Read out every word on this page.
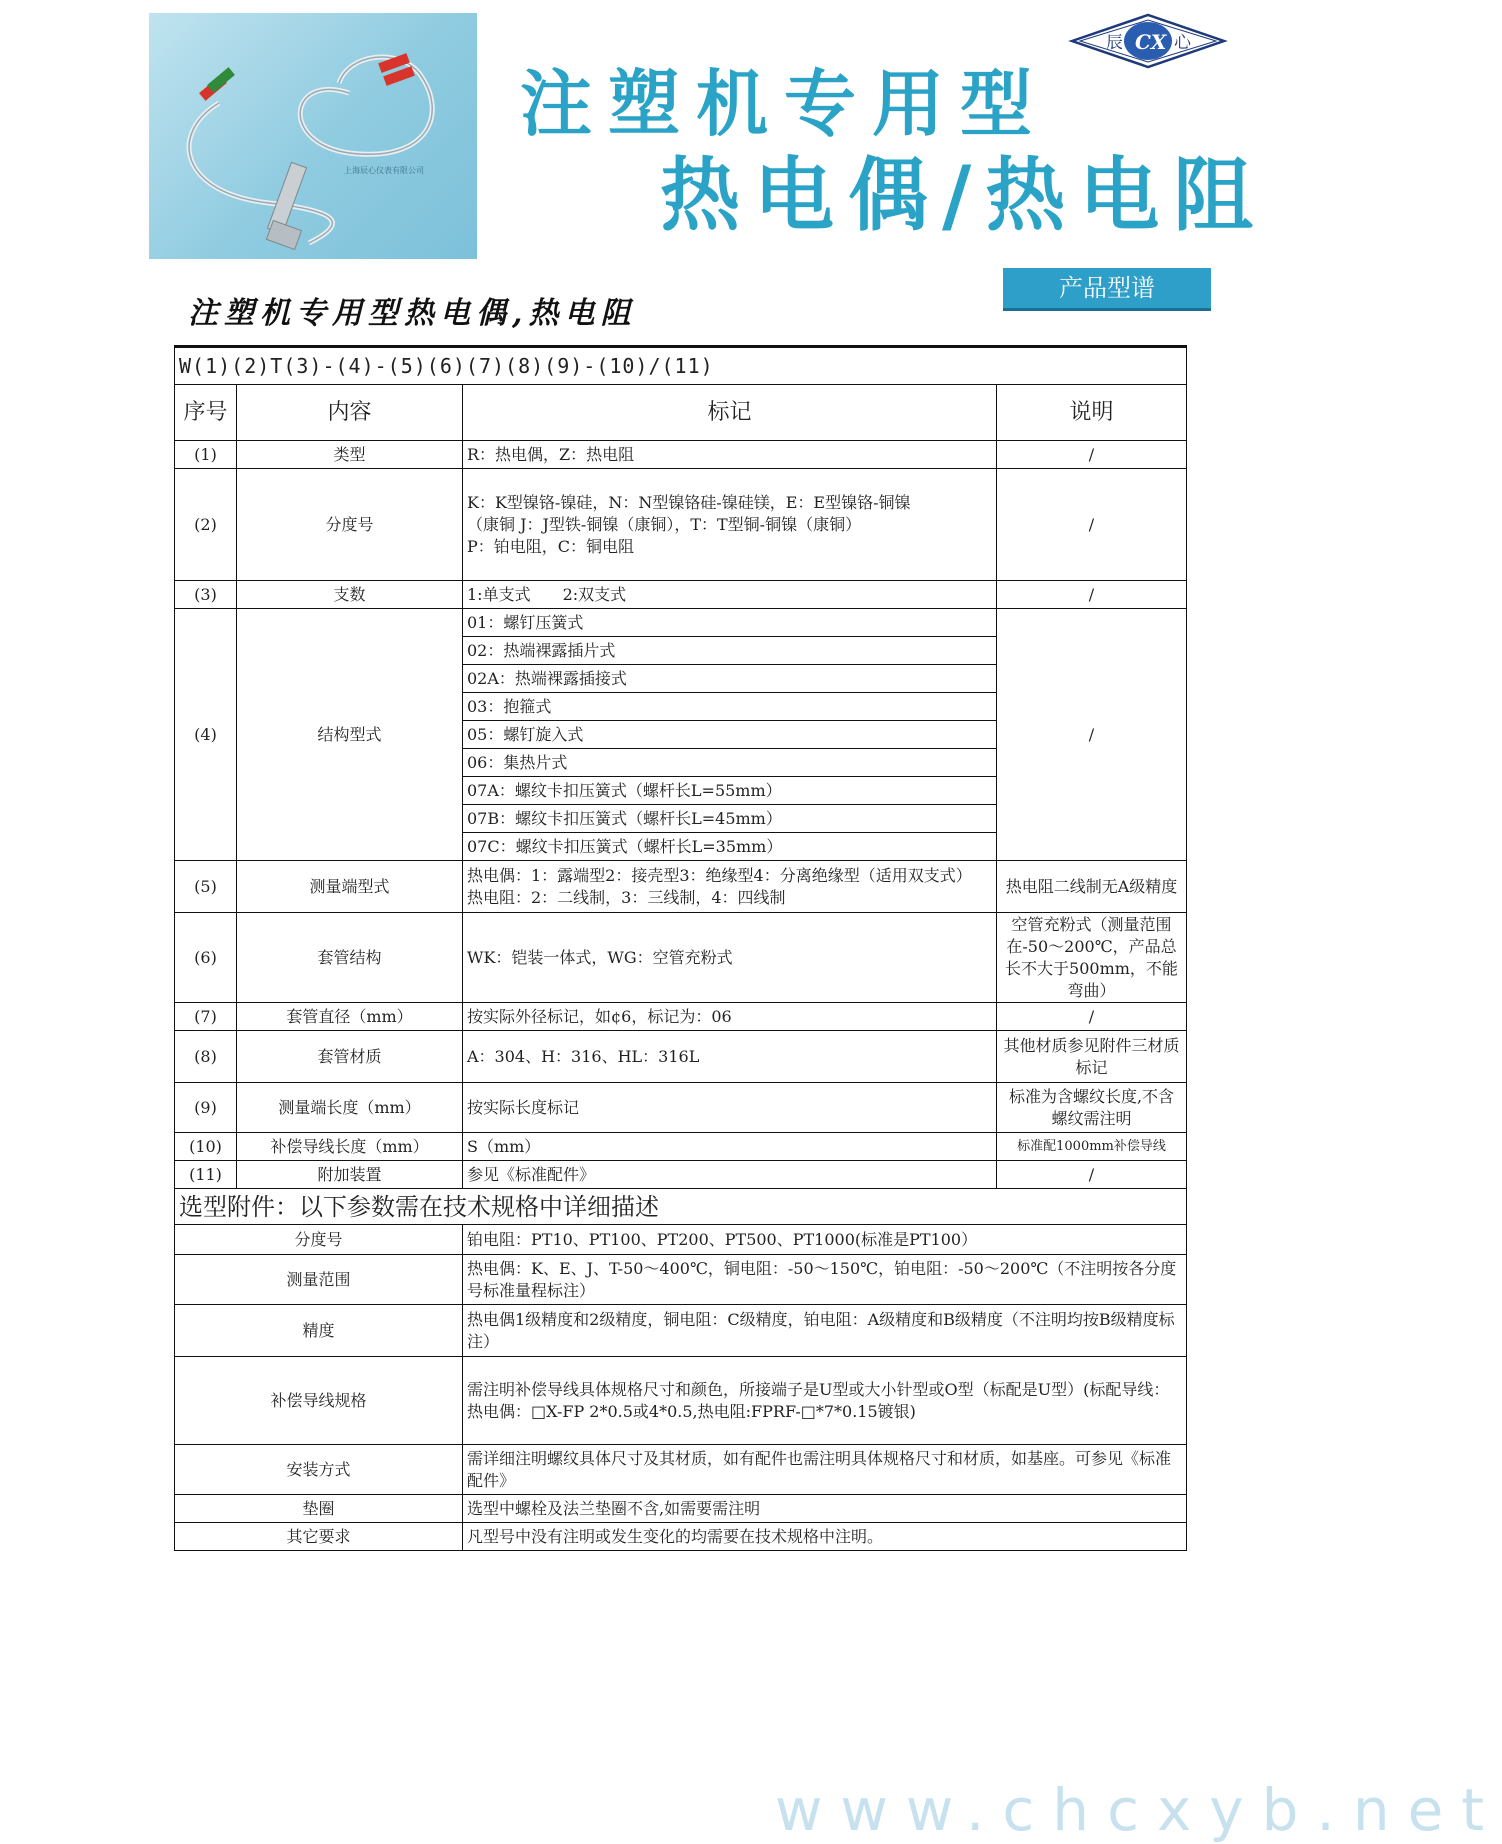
上海辰心仪表有限公司
辰 CX 心
注塑机专用型
热电偶/热电阻
产品型谱
注塑机专用型热电偶,热电阻
W(1)(2)T(3)-(4)-(5)(6)(7)(8)(9)-(10)/(11)			
序号	内容	标记	说明
(1)	类型	R：热电偶，Z：热电阻	/
(2)	分度号	K：K型镍铬-镍硅，N：N型镍铬硅-镍硅镁，E：E型镍铬-铜镍
（康铜 J：J型铁-铜镍（康铜），T：T型铜-铜镍（康铜）
P：铂电阻，C：铜电阻	/
(3)	支数	1:单支式　　2:双支式	/
(4)	结构型式	01：螺钉压簧式	/
		02：热端裸露插片式	
		02A：热端裸露插接式	
		03：抱箍式	
		05：螺钉旋入式	
		06：集热片式	
		07A：螺纹卡扣压簧式（螺杆长L=55mm）	
		07B：螺纹卡扣压簧式（螺杆长L=45mm）	
		07C：螺纹卡扣压簧式（螺杆长L=35mm）	
(5)	测量端型式	热电偶：1：露端型2：接壳型3：绝缘型4：分离绝缘型（适用双支式）　热电阻：2：二线制，3：三线制，4：四线制	热电阻二线制无A级精度
(6)	套管结构	WK：铠装一体式，WG：空管充粉式	空管充粉式（测量范围在-50～200℃，产品总长不大于500mm，不能弯曲）
(7)	套管直径（mm）	按实际外径标记，如¢6，标记为：06	/
(8)	套管材质	A：304、H：316、HL：316L	其他材质参见附件三材质标记
(9)	测量端长度（mm）	按实际长度标记	标准为含螺纹长度,不含螺纹需注明
(10)	补偿导线长度（mm）	S（mm）	标准配1000mm补偿导线
(11)	附加装置	参见《标准配件》	/
选型附件：以下参数需在技术规格中详细描述			
分度号		铂电阻：PT10、PT100、PT200、PT500、PT1000(标准是PT100）	
测量范围		热电偶：K、E、J、T-50～400℃，铜电阻：-50～150℃，铂电阻：-50～200℃（不注明按各分度号标准量程标注）	
精度		热电偶1级精度和2级精度，铜电阻：C级精度，铂电阻：A级精度和B级精度（不注明均按B级精度标注）	
补偿导线规格		需注明补偿导线具体规格尺寸和颜色，所接端子是U型或大小针型或O型（标配是U型）(标配导线：热电偶：□X-FP 2*0.5或4*0.5,热电阻:FPRF-□*7*0.15镀银)	
安装方式		需详细注明螺纹具体尺寸及其材质，如有配件也需注明具体规格尺寸和材质，如基座。可参见《标准配件》	
垫圈		选型中螺栓及法兰垫圈不含,如需要需注明	
其它要求		凡型号中没有注明或发生变化的均需要在技术规格中注明。	
www.chcxyb.net
